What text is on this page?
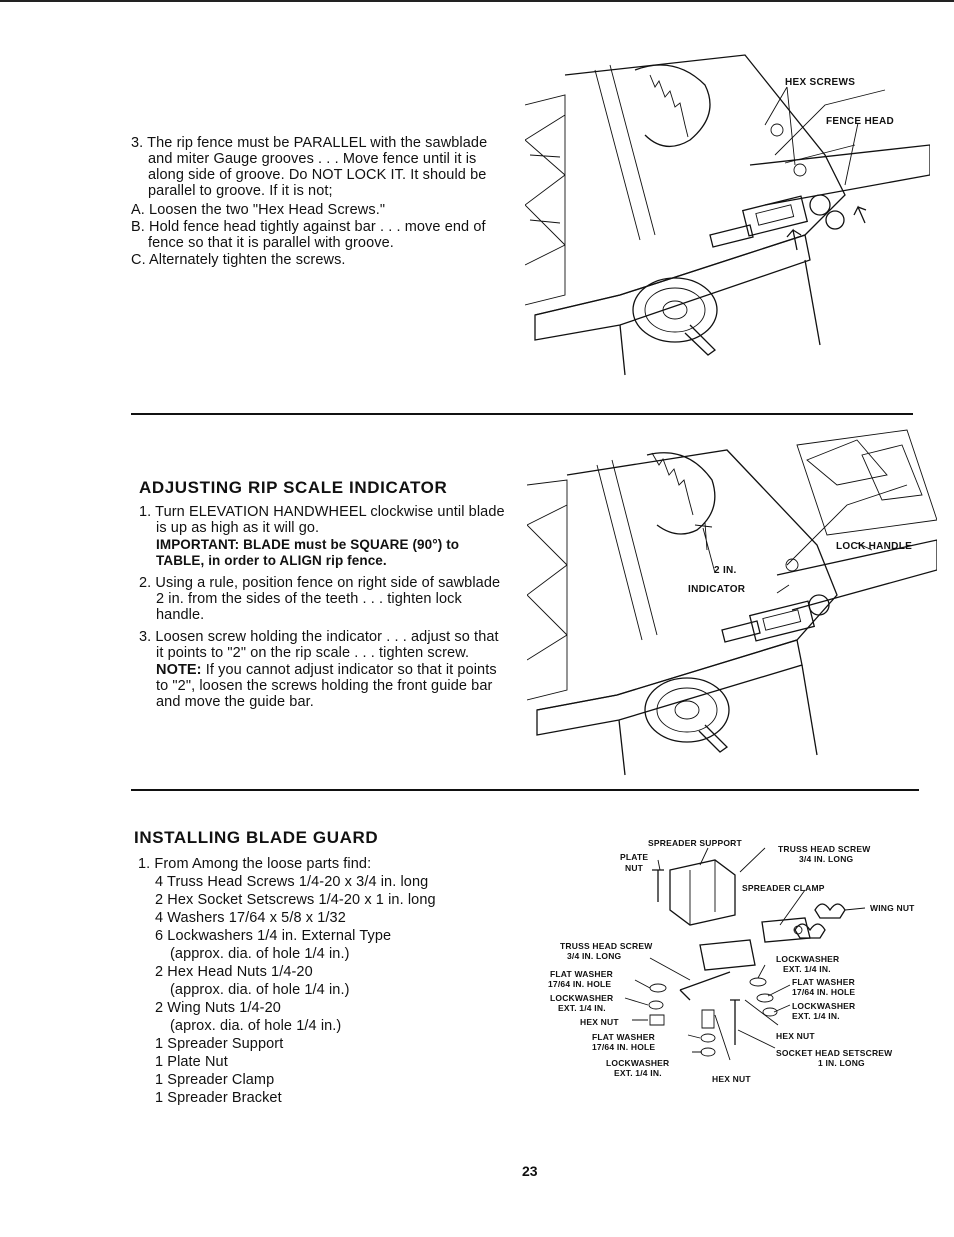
3. The rip fence must be PARALLEL with the sawblade and miter Gauge grooves . . . Move fence until it is along side of groove. Do NOT LOCK IT. It should be parallel to groove. If it is not;

A. Loosen the two "Hex Head Screws."

B. Hold fence head tightly against bar . . . move end of fence so that it is parallel with groove.

C. Alternately tighten the screws.

HEX SCREWS
FENCE HEAD
ADJUSTING RIP SCALE INDICATOR

1. Turn ELEVATION HANDWHEEL clockwise until blade is up as high as it will go.

IMPORTANT: BLADE must be SQUARE (90°) to TABLE, in order to ALIGN rip fence.

2. Using a rule, position fence on right side of sawblade 2 in. from the sides of the teeth . . . tighten lock handle.

3. Loosen screw holding the indicator . . . adjust so that it points to "2" on the rip scale . . . tighten screw.

NOTE: If you cannot adjust indicator so that it points to "2", loosen the screws holding the front guide bar and move the guide bar.

2 IN.
INDICATOR
LOCK HANDLE
INSTALLING BLADE GUARD

1. From Among the loose parts find:

4 Truss Head Screws 1/4-20 x 3/4 in. long

2 Hex Socket Setscrews 1/4-20 x 1 in. long

4 Washers 17/64 x 5/8 x 1/32

6 Lockwashers 1/4 in. External Type

(approx. dia. of hole 1/4 in.)

2 Hex Head Nuts 1/4-20

(approx. dia. of hole 1/4 in.)

2 Wing Nuts 1/4-20

(aprox. dia. of hole 1/4 in.)

1 Spreader Support

1 Plate Nut

1 Spreader Clamp

1 Spreader Bracket

SPREADER SUPPORT
PLATE
NUT
TRUSS HEAD SCREW
3/4 IN. LONG
SPREADER CLAMP
WING NUT
TRUSS HEAD SCREW
3/4 IN. LONG
FLAT WASHER
17/64 IN. HOLE
LOCKWASHER
EXT. 1/4 IN.
HEX NUT
FLAT WASHER
17/64 IN. HOLE
LOCKWASHER
EXT. 1/4 IN.
HEX NUT
LOCKWASHER
EXT. 1/4 IN.
FLAT WASHER
17/64 IN. HOLE
LOCKWASHER
EXT. 1/4 IN.
HEX NUT
SOCKET HEAD SETSCREW
1 IN. LONG
23
